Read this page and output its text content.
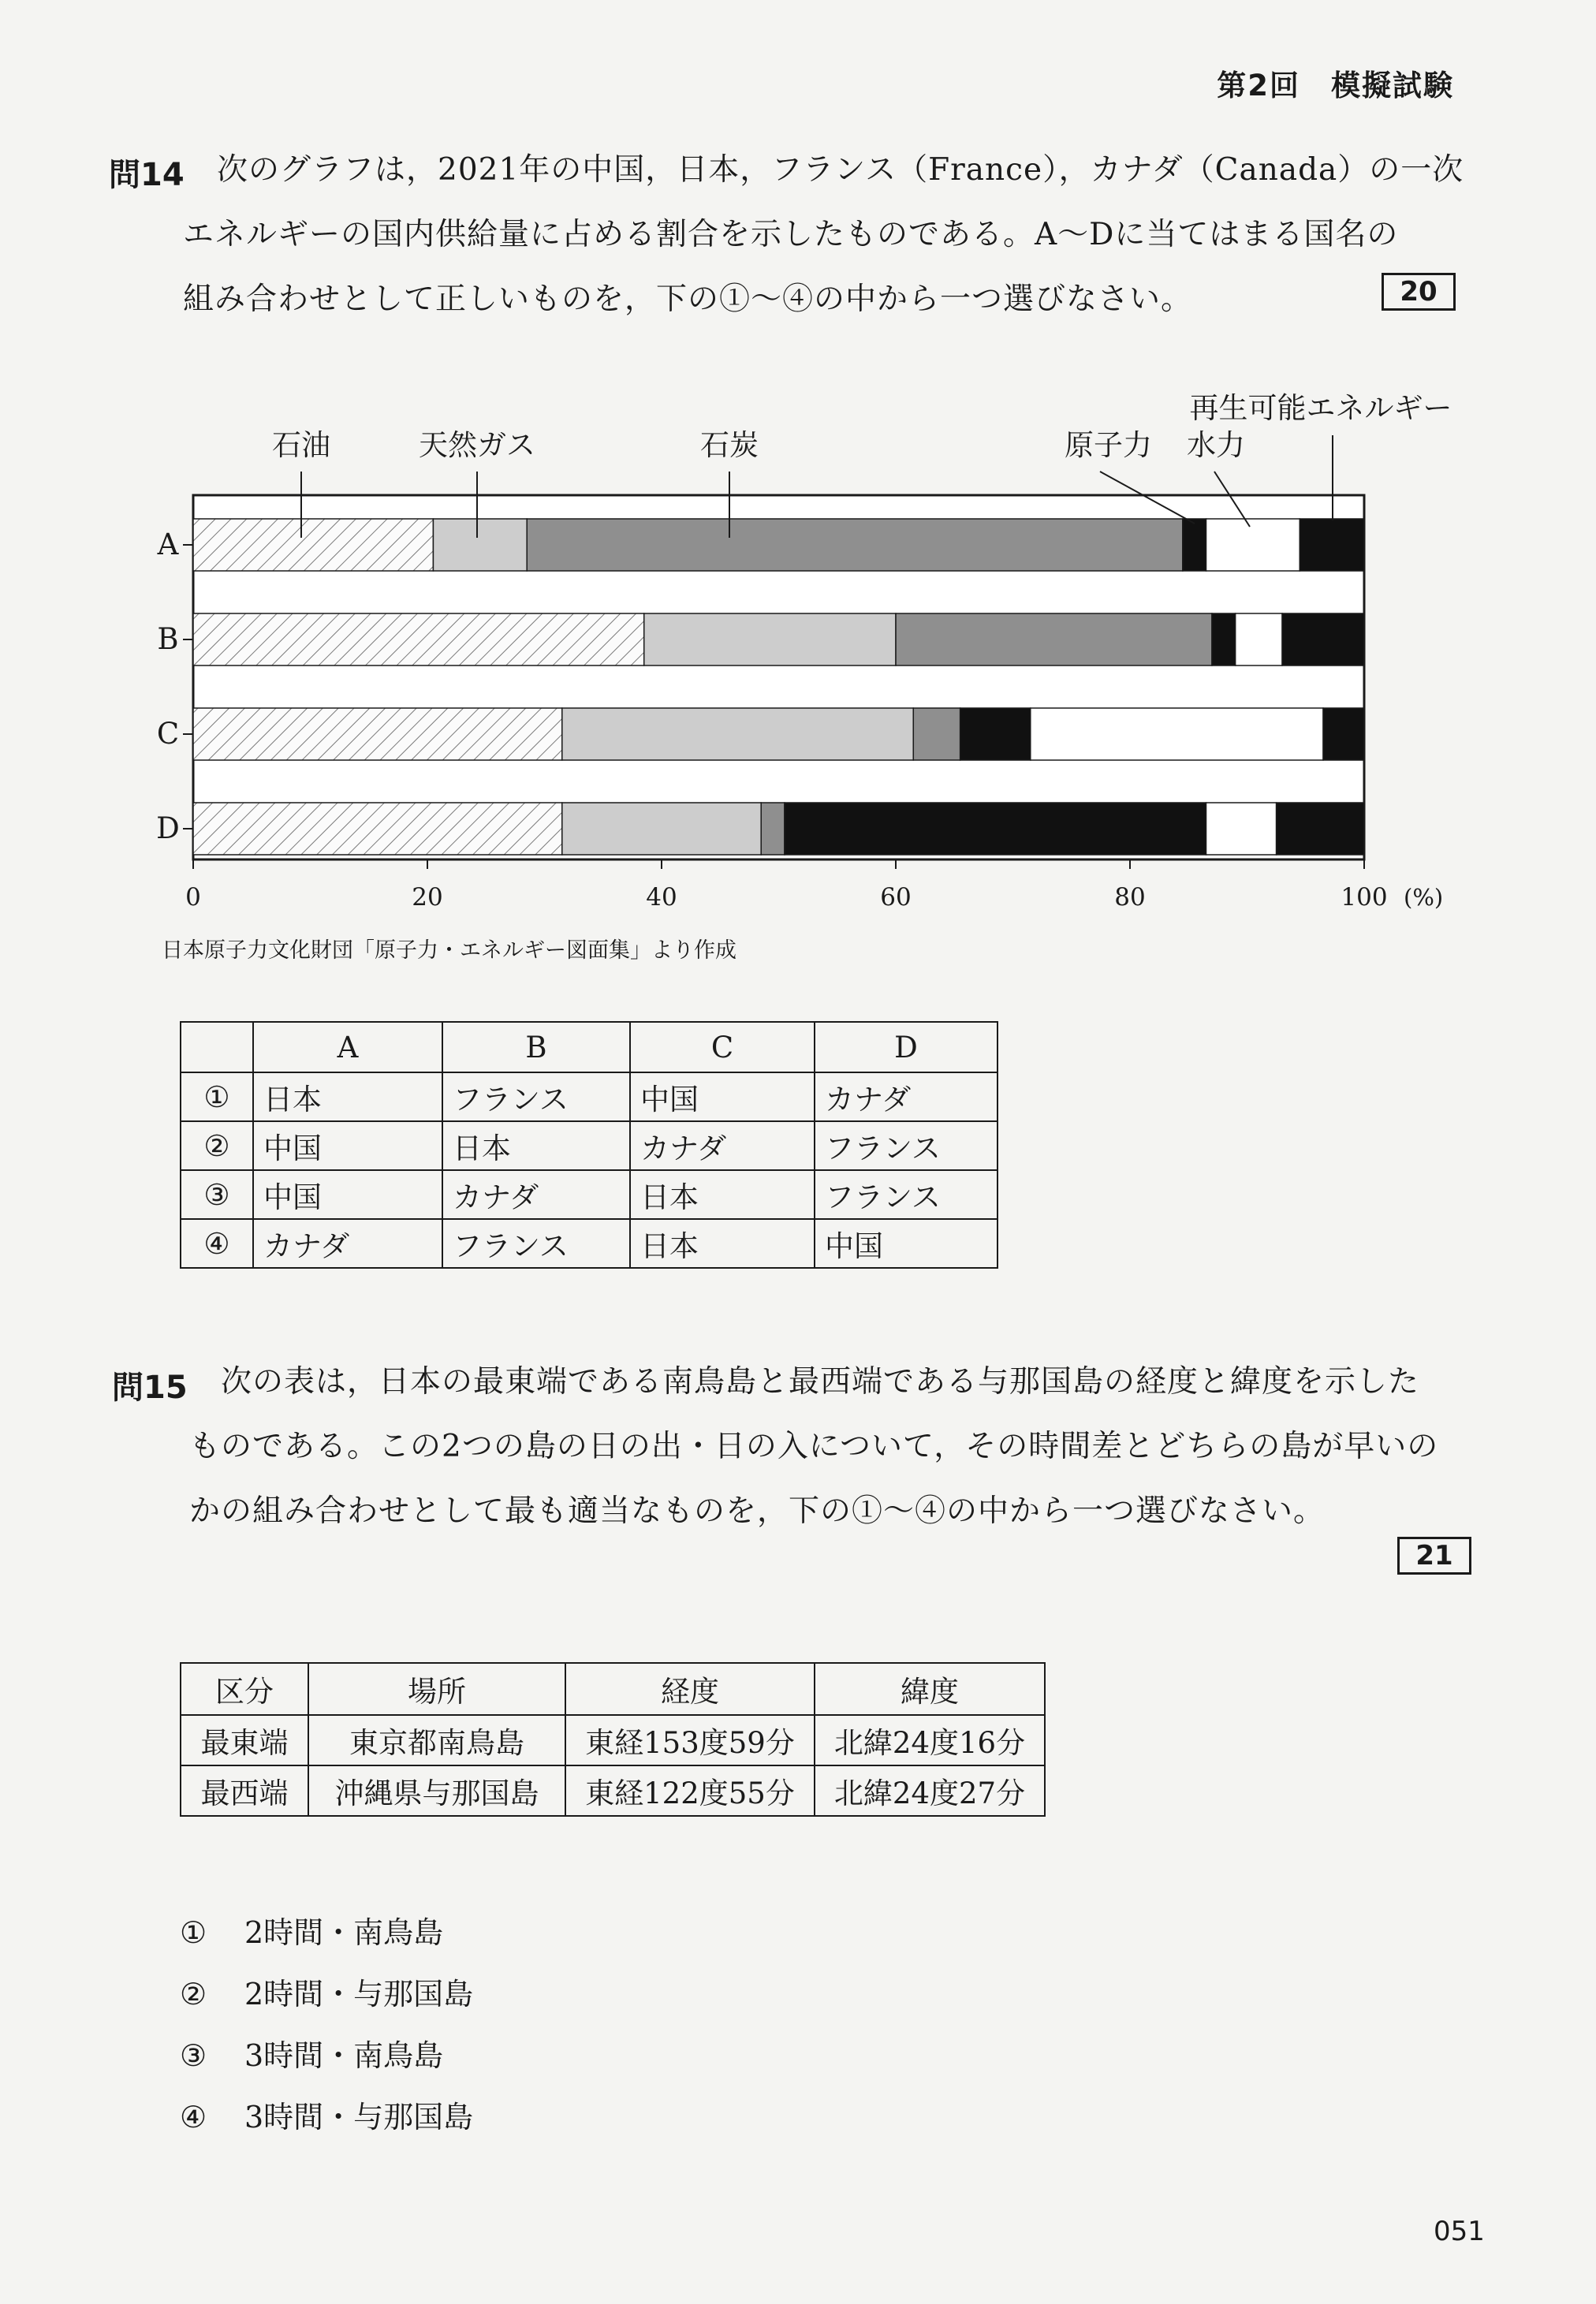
第2回　模擬試験
問14 次のグラフは，2021年の中国，日本，フランス（France），カナダ（Canada）の一次
エネルギーの国内供給量に占める割合を示したものである。A～Dに当てはまる国名の
組み合わせとして正しいものを，下の①～④の中から一つ選びなさい。	20
A
B
C
D
0	20	40	60	80	100 (%)
石油	天然ガス	石炭	原子力 水力
再生可能エネルギー
日本原子力文化財団「原子力・エネルギー図面集」より作成
	A	B	C	D
①	日本	フランス	中国	カナダ
②	中国	日本	カナダ	フランス
③	中国	カナダ	日本	フランス
④	カナダ	フランス	日本	中国
問15 次の表は，日本の最東端である南鳥島と最西端である与那国島の経度と緯度を示した
ものである。この2つの島の日の出・日の入について，その時間差とどちらの島が早いの
かの組み合わせとして最も適当なものを，下の①～④の中から一つ選びなさい。
21
区分	場所	経度	緯度
最東端	東京都南鳥島	東経153度59分	北緯24度16分
最西端	沖縄県与那国島	東経122度55分	北緯24度27分
① 2時間・南鳥島
② 2時間・与那国島
③ 3時間・南鳥島
④ 3時間・与那国島
051
